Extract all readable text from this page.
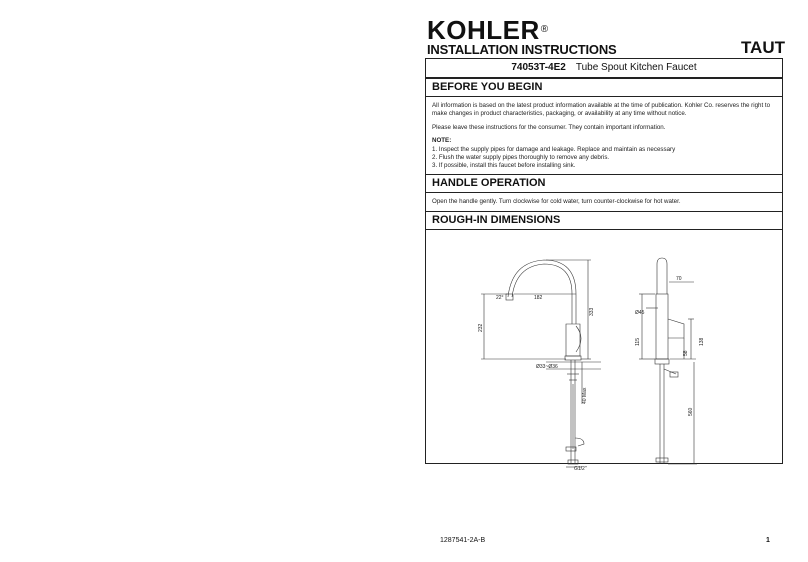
KOHLER®
INSTALLATION INSTRUCTIONS	TAUT
74053T-4E2 Tube Spout Kitchen Faucet
BEFORE YOU BEGIN

All information is based on the latest product information available at the time of publication. Kohler Co. reserves the right to make changes in product characteristics, packaging, or availability at any time without notice.

Please leave these instructions for the consumer. They contain important information.

NOTE:
1. Inspect the supply pipes for damage and leakage. Replace and maintain as necessary
2. Flush the water supply pipes thoroughly to remove any debris.
3. If possible, install this faucet before installing sink.
HANDLE OPERATION
Open the handle gently. Turn clockwise for cold water, turn counter-clockwise for hot water.
ROUGH-IN DIMENSIONS
22°	182
232
333
Ø33~Ø36
40 Max
G1/2"
70
Ø45
115
58
138
560
1287541-2A-B	1
